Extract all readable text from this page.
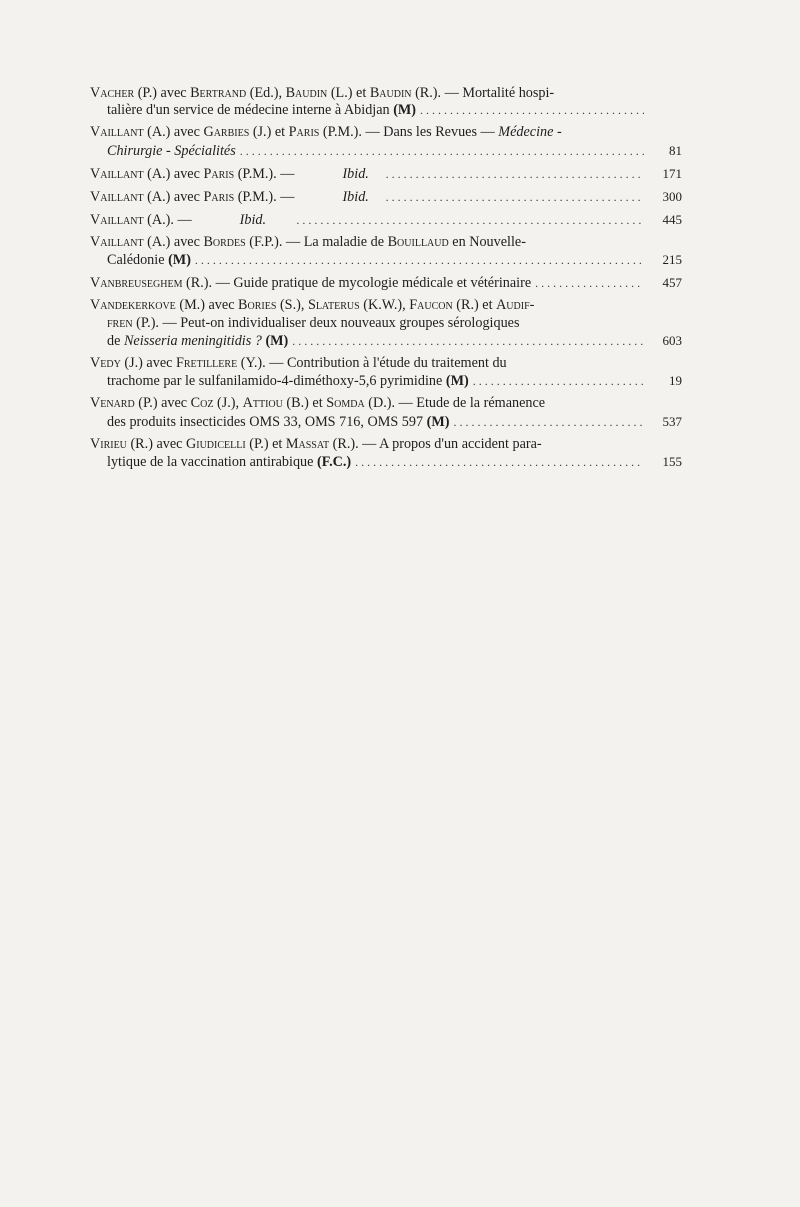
Vacher (P.) avec Bertrand (Ed.), Baudin (L.) et Baudin (R.). — Mortalité hospi-
talière d'un service de médecine interne à Abidjan (M)
. . .
Vaillant (A.) avec Garbies (J.) et Paris (P.M.). — Dans les Revues — Médecine -
Chirurgie - Spécialités . . .	81
Vaillant (A.) avec Paris (P.M.). —	Ibid. . . .	171
Vaillant (A.) avec Paris (P.M.). —	Ibid. . . .	300
Vaillant (A.). —	Ibid. . . .	445
Vaillant (A.) avec Bordes (F.P.). — La maladie de Bouillaud en Nouvelle-
Calédonie (M) . . .	215
Vanbreuseghem (R.). — Guide pratique de mycologie médicale et vétérinaire . . .	457
Vandekerkove (M.) avec Bories (S.), Slaterus (K.W.), Faucon (R.) et Audif-
fren (P.). — Peut-on individualiser deux nouveaux groupes sérologiques
de Neisseria meningitidis ?
(M) . . .	603
Vedy (J.) avec Fretillere (Y.). — Contribution à l'étude du traitement du
trachome par le sulfanilamido-4-diméthoxy-5,6 pyrimidine (M) . . .	19
Venard (P.) avec Coz (J.), Attiou (B.) et Somda (D.). — Etude de la rémanence
des produits insecticides OMS 33, OMS 716, OMS 597 (M) . . .	537
Virieu (R.) avec Giudicelli (P.) et Massat (R.). — A propos d'un accident para-
lytique de la vaccination antirabique (F.C.) . . .	155
